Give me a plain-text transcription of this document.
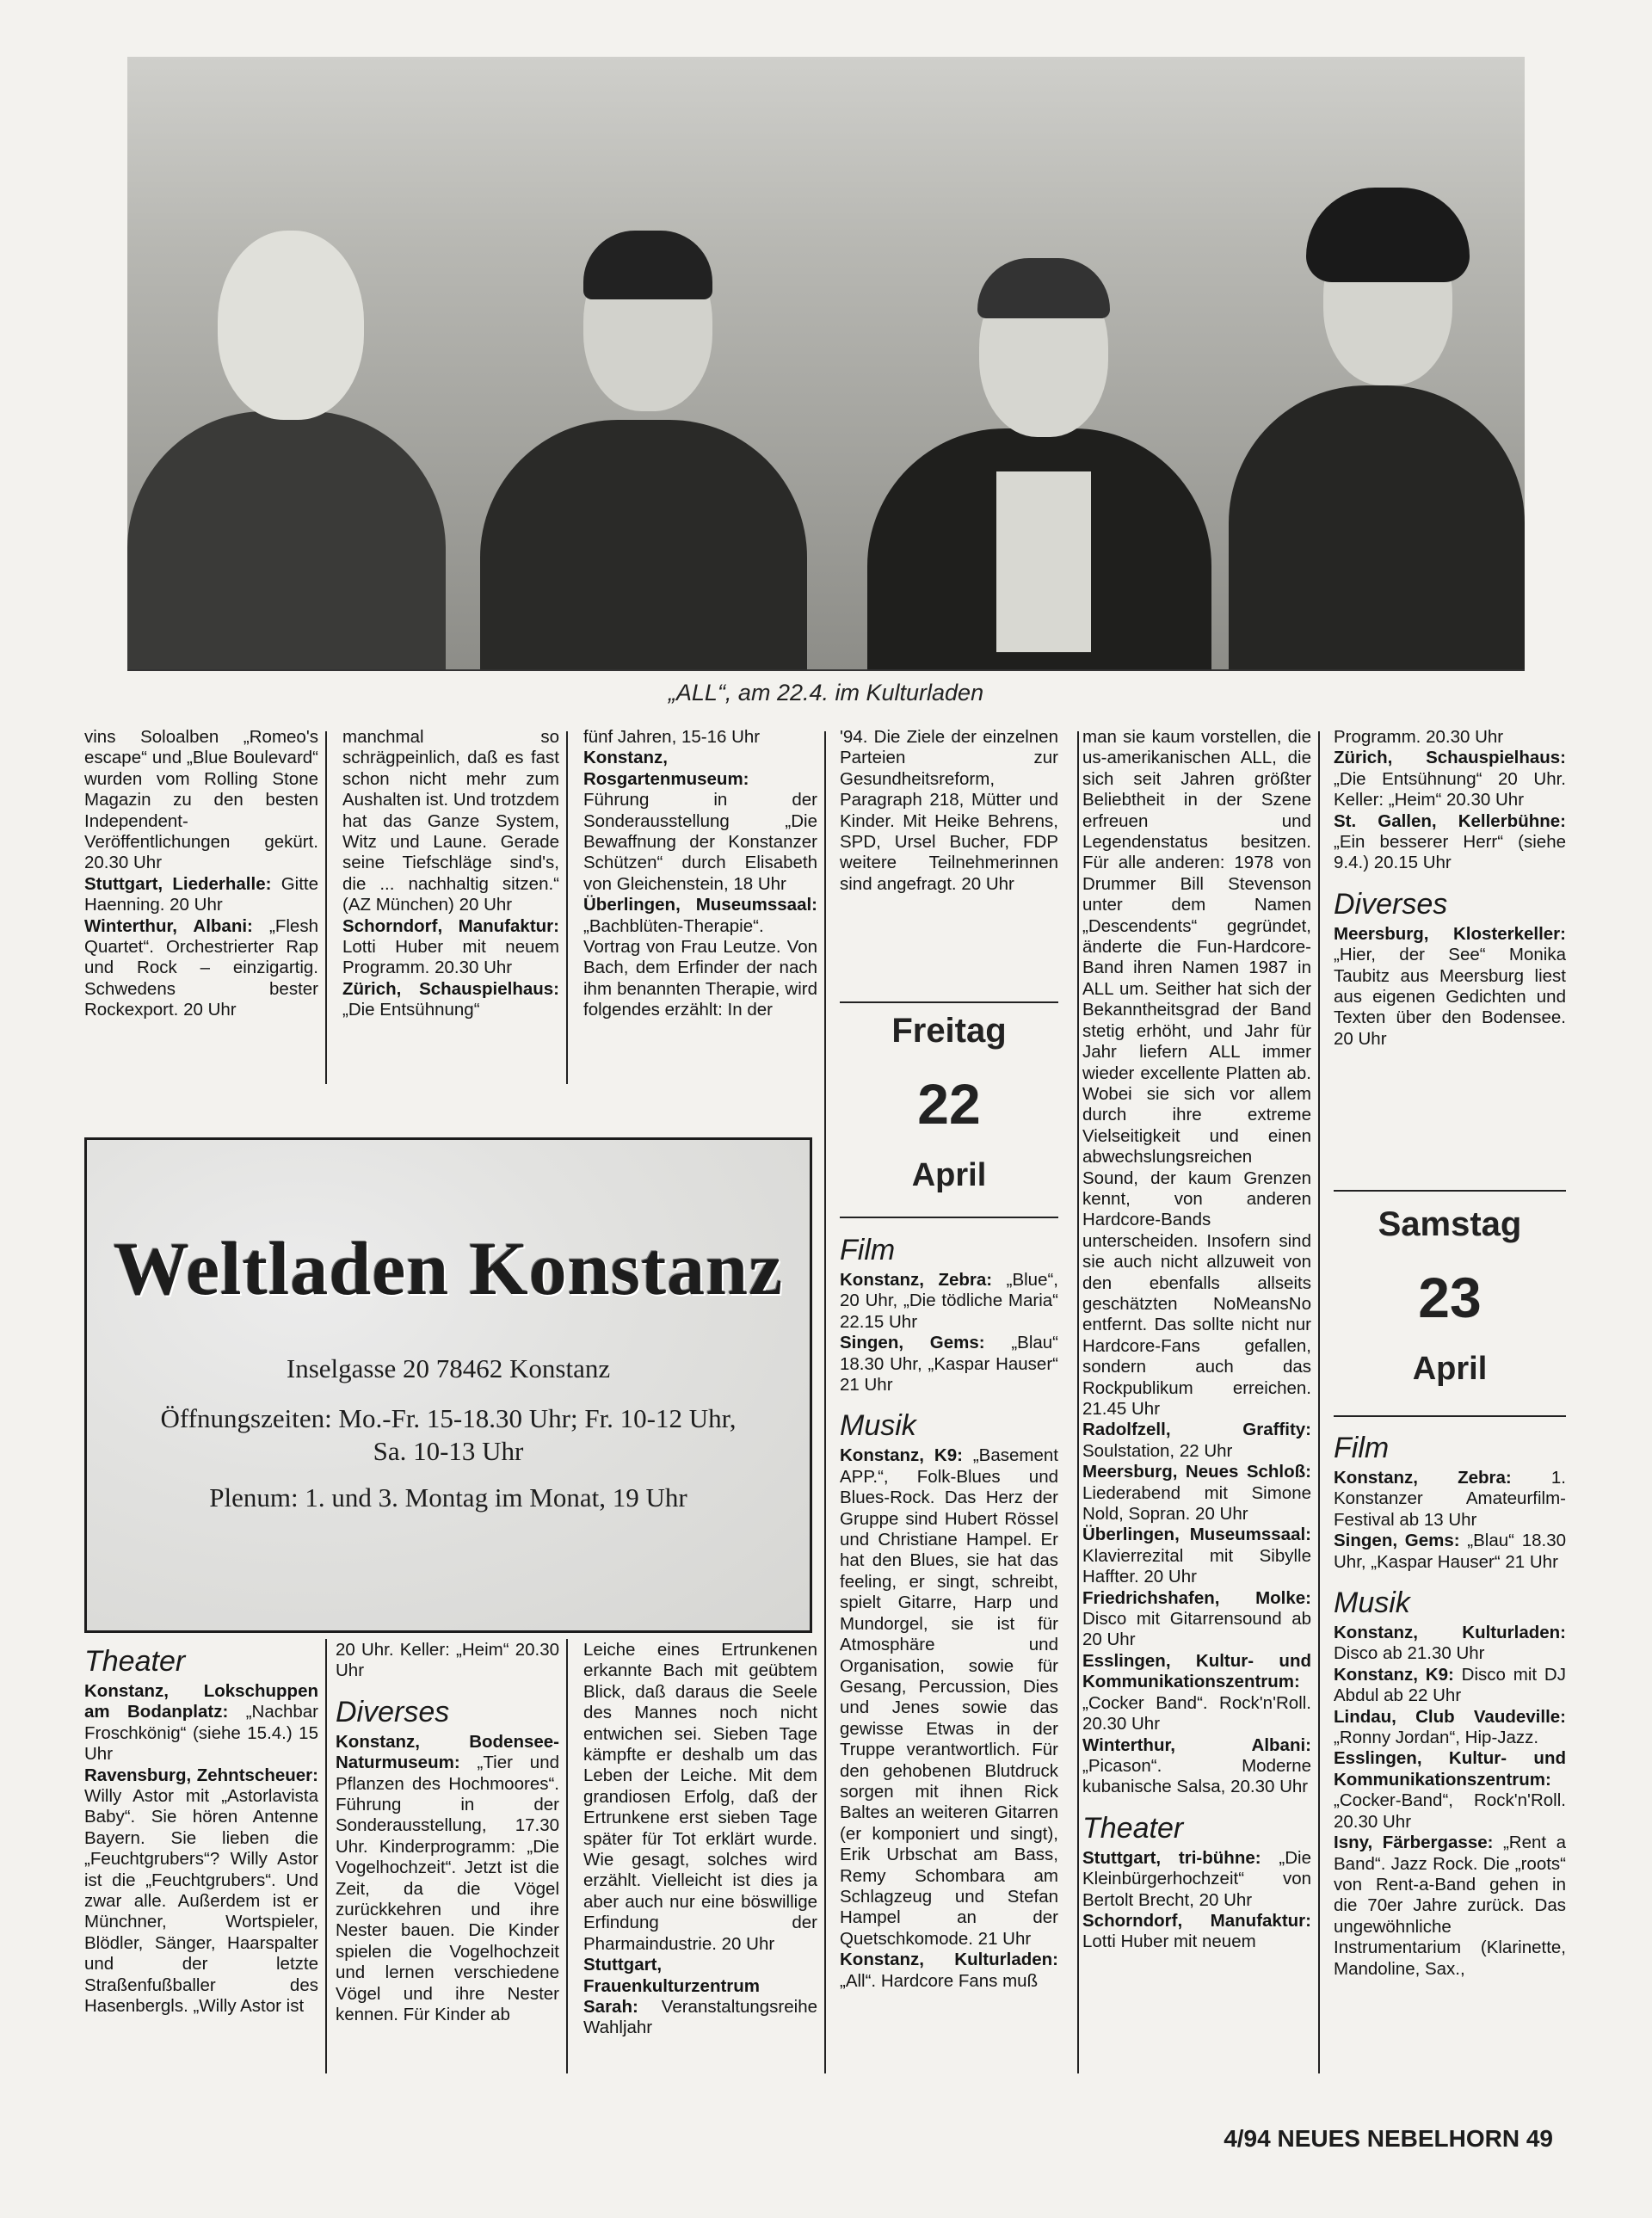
„ALL“, am 22.4. im Kulturladen

vins Soloalben „Romeo's escape“ und „Blue Boulevard“ wurden vom Rolling Stone Magazin zu den besten Independent-Veröffentlichungen gekürt. 20.30 Uhr

Stuttgart, Liederhalle: Gitte Haenning. 20 Uhr

Winterthur, Albani: „Flesh Quartet“. Orchestrierter Rap und Rock – einzigartig. Schwedens bester Rockexport. 20 Uhr

manchmal so schrägpeinlich, daß es fast schon nicht mehr zum Aushalten ist. Und trotzdem hat das Ganze System, Witz und Laune. Gerade seine Tiefschläge sind's, die ... nachhaltig sitzen.“ (AZ München) 20 Uhr

Schorndorf, Manufaktur: Lotti Huber mit neuem Programm. 20.30 Uhr

Zürich, Schauspielhaus: „Die Entsühnung“

fünf Jahren, 15-16 Uhr

Konstanz, Rosgartenmuseum: Führung in der Sonderausstellung „Die Bewaffnung der Konstanzer Schützen“ durch Elisabeth von Gleichenstein, 18 Uhr

Überlingen, Museumssaal: „Bachblüten-Therapie“. Vortrag von Frau Leutze. Von Bach, dem Erfinder der nach ihm benannten Therapie, wird folgendes erzählt: In der

'94. Die Ziele der einzelnen Parteien zur Gesundheitsreform, Paragraph 218, Mütter und Kinder. Mit Heike Behrens, SPD, Ursel Bucher, FDP weitere Teilnehmerinnen sind angefragt. 20 Uhr

Freitag
22
April
Film

Konstanz, Zebra: „Blue“, 20 Uhr, „Die tödliche Maria“ 22.15 Uhr

Singen, Gems: „Blau“ 18.30 Uhr, „Kaspar Hauser“ 21 Uhr

Musik

Konstanz, K9: „Basement APP.“, Folk-Blues und Blues-Rock. Das Herz der Gruppe sind Hubert Rössel und Christiane Hampel. Er hat den Blues, sie hat das feeling, er singt, schreibt, spielt Gitarre, Harp und Mundorgel, sie ist für Atmosphäre und Organisation, sowie für Gesang, Percussion, Dies und Jenes sowie das gewisse Etwas in der Truppe verantwortlich. Für den gehobenen Blutdruck sorgen mit ihnen Rick Baltes an weiteren Gitarren (er komponiert und singt), Erik Urbschat am Bass, Remy Schombara am Schlagzeug und Stefan Hampel an der Quetschkomode. 21 Uhr

Konstanz, Kulturladen: „All“. Hardcore Fans muß

man sie kaum vorstellen, die us-amerikanischen ALL, die sich seit Jahren größter Beliebtheit in der Szene erfreuen und Legendenstatus besitzen. Für alle anderen: 1978 von Drummer Bill Stevenson unter dem Namen „Descendents“ gegründet, änderte die Fun-Hardcore-Band ihren Namen 1987 in ALL um. Seither hat sich der Bekanntheitsgrad der Band stetig erhöht, und Jahr für Jahr liefern ALL immer wieder excellente Platten ab. Wobei sie sich vor allem durch ihre extreme Vielseitigkeit und einen abwechslungsreichen Sound, der kaum Grenzen kennt, von anderen Hardcore-Bands unterscheiden. Insofern sind sie auch nicht allzuweit von den ebenfalls allseits geschätzten NoMeansNo entfernt. Das sollte nicht nur Hardcore-Fans gefallen, sondern auch das Rockpublikum erreichen. 21.45 Uhr

Radolfzell, Graffity: Soulstation, 22 Uhr

Meersburg, Neues Schloß: Liederabend mit Simone Nold, Sopran. 20 Uhr

Überlingen, Museumssaal: Klavierrezital mit Sibylle Haffter. 20 Uhr

Friedrichshafen, Molke: Disco mit Gitarrensound ab 20 Uhr

Esslingen, Kultur- und Kommunikationszentrum: „Cocker Band“. Rock'n'Roll. 20.30 Uhr

Winterthur, Albani: „Picason“. Moderne kubanische Salsa, 20.30 Uhr

Theater

Stuttgart, tri-bühne: „Die Kleinbürgerhochzeit“ von Bertolt Brecht, 20 Uhr

Schorndorf, Manufaktur: Lotti Huber mit neuem

Programm. 20.30 Uhr

Zürich, Schauspielhaus: „Die Entsühnung“ 20 Uhr. Keller: „Heim“ 20.30 Uhr

St. Gallen, Kellerbühne: „Ein besserer Herr“ (siehe 9.4.) 20.15 Uhr

Diverses

Meersburg, Klosterkeller: „Hier, der See“ Monika Taubitz aus Meersburg liest aus eigenen Gedichten und Texten über den Bodensee. 20 Uhr

Samstag
23
April
Film

Konstanz, Zebra: 1. Konstanzer Amateurfilm-Festival ab 13 Uhr

Singen, Gems: „Blau“ 18.30 Uhr, „Kaspar Hauser“ 21 Uhr

Musik

Konstanz, Kulturladen: Disco ab 21.30 Uhr

Konstanz, K9: Disco mit DJ Abdul ab 22 Uhr

Lindau, Club Vaudeville: „Ronny Jordan“, Hip-Jazz.

Esslingen, Kultur- und Kommunikationszentrum: „Cocker-Band“, Rock'n'Roll. 20.30 Uhr

Isny, Färbergasse: „Rent a Band“. Jazz Rock. Die „roots“ von Rent-a-Band gehen in die 70er Jahre zurück. Das ungewöhnliche Instrumentarium (Klarinette, Mandoline, Sax.,

Weltladen Konstanz
Inselgasse 20 78462 Konstanz
Öffnungszeiten: Mo.-Fr. 15-18.30 Uhr; Fr. 10-12 Uhr,
Sa. 10-13 Uhr
Plenum: 1. und 3. Montag im Monat, 19 Uhr
Theater

Konstanz, Lokschuppen am Bodanplatz: „Nachbar Froschkönig“ (siehe 15.4.) 15 Uhr

Ravensburg, Zehntscheuer: Willy Astor mit „Astorlavista Baby“. Sie hören Antenne Bayern. Sie lieben die „Feuchtgrubers“? Willy Astor ist die „Feuchtgrubers“. Und zwar alle. Außerdem ist er Münchner, Wortspieler, Blödler, Sänger, Haarspalter und der letzte Straßenfußballer des Hasenbergls. „Willy Astor ist

20 Uhr. Keller: „Heim“ 20.30 Uhr

Diverses

Konstanz, Bodensee-Naturmuseum: „Tier und Pflanzen des Hochmoores“. Führung in der Sonderausstellung, 17.30 Uhr. Kinderprogramm: „Die Vogelhochzeit“. Jetzt ist die Zeit, da die Vögel zurückkehren und ihre Nester bauen. Die Kinder spielen die Vogelhochzeit und lernen verschiedene Vögel und ihre Nester kennen. Für Kinder ab

Leiche eines Ertrunkenen erkannte Bach mit geübtem Blick, daß daraus die Seele des Mannes noch nicht entwichen sei. Sieben Tage kämpfte er deshalb um das Leben der Leiche. Mit dem grandiosen Erfolg, daß der Ertrunkene erst sieben Tage später für Tot erklärt wurde. Wie gesagt, solches wird erzählt. Vielleicht ist dies ja aber auch nur eine böswillige Erfindung der Pharmaindustrie. 20 Uhr

Stuttgart, Frauenkulturzentrum Sarah: Veranstaltungsreihe Wahljahr

4/94 NEUES NEBELHORN 49
